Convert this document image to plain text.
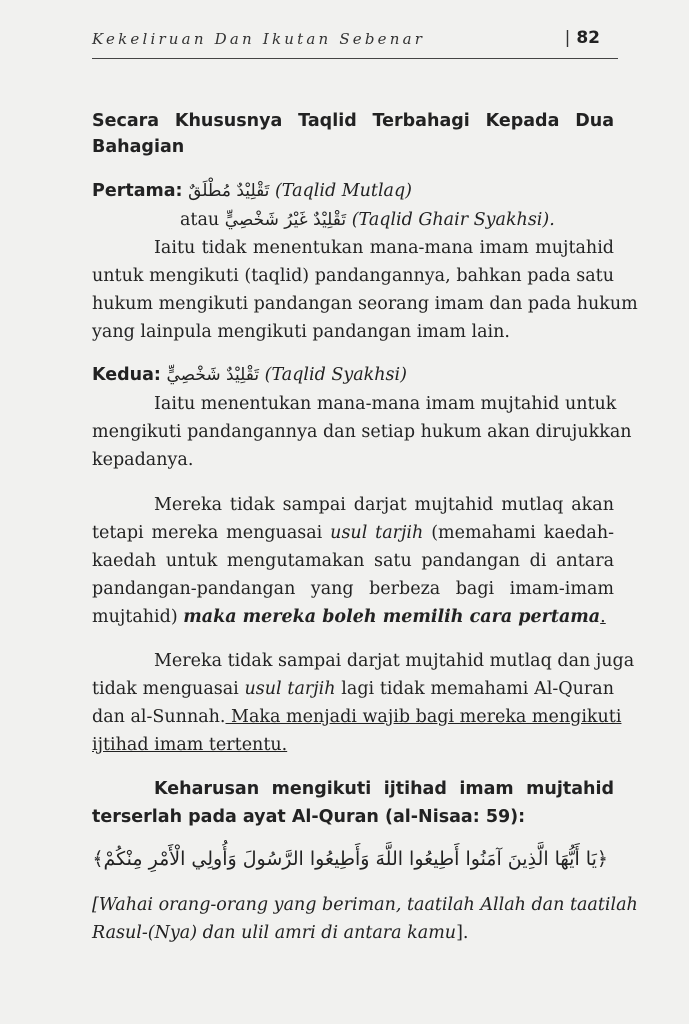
Kekeliruan Dan Ikutan Sebenar	| 82
Secara Khususnya Taqlid Terbahagi Kepada Dua
Bahagian
Pertama: تَقْلِيْدٌ مُطْلَقٌ (Taqlid Mutlaq)
atau تَقْلِيْدٌ غَيْرُ شَخْصِيٍّ (Taqlid Ghair Syakhsi).
Iaitu tidak menentukan mana-mana imam mujtahid
untuk mengikuti (taqlid) pandangannya, bahkan pada satu
hukum mengikuti pandangan seorang imam dan pada hukum
yang lainpula mengikuti pandangan imam lain.
Kedua: تَقْلِيْدٌ شَخْصِيٍّ (Taqlid Syakhsi)
Iaitu menentukan mana-mana imam mujtahid untuk
mengikuti pandangannya dan setiap hukum akan dirujukkan
kepadanya.
Mereka tidak sampai darjat mujtahid mutlaq akan
tetapi mereka menguasai usul tarjih (memahami kaedah-
kaedah untuk mengutamakan satu pandangan di antara
pandangan-pandangan yang berbeza bagi imam-imam
mujtahid) maka mereka boleh memilih cara pertama.
Mereka tidak sampai darjat mujtahid mutlaq dan juga
tidak menguasai usul tarjih lagi tidak memahami Al-Quran
dan al-Sunnah. Maka menjadi wajib bagi mereka mengikuti
ijtihad imam tertentu.
Keharusan mengikuti ijtihad imam mujtahid
terserlah pada ayat Al-Quran (al-Nisaa: 59):
[Wahai orang-orang yang beriman, taatilah Allah dan taatilah
Rasul-(Nya) dan ulil amri di antara kamu].
﴿يَا أَيُّهَا الَّذِينَ آمَنُوا أَطِيعُوا اللَّهَ وَأَطِيعُوا الرَّسُولَ وَأُولِي الْأَمْرِ مِنْكُمْ﴾
